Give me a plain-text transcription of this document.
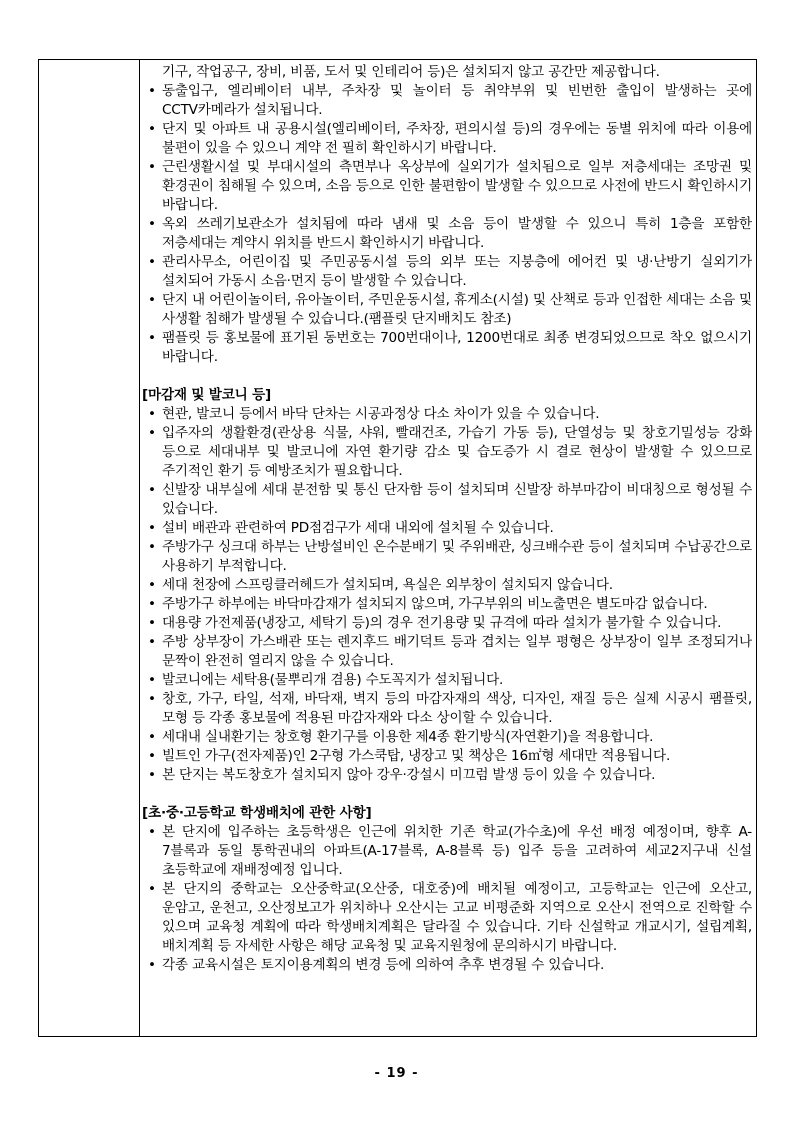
기구, 작업공구, 장비, 비품, 도서 및 인테리어 등)은 설치되지 않고 공간만 제공합니다.

• 동출입구, 엘리베이터 내부, 주차장 및 놀이터 등 취약부위 및 빈번한 출입이 발생하는 곳에 CCTV카메라가 설치됩니다.
• 단지 및 아파트 내 공용시설(엘리베이터, 주차장, 편의시설 등)의 경우에는 동별 위치에 따라 이용에 불편이 있을 수 있으니 계약 전 필히 확인하시기 바랍니다.
• 근린생활시설 및 부대시설의 측면부나 옥상부에 실외기가 설치됨으로 일부 저층세대는 조망권 및 환경권이 침해될 수 있으며, 소음 등으로 인한 불편함이 발생할 수 있으므로 사전에 반드시 확인하시기 바랍니다.
• 옥외 쓰레기보관소가 설치됨에 따라 냄새 및 소음 등이 발생할 수 있으니 특히 1층을 포함한 저층세대는 계약시 위치를 반드시 확인하시기 바랍니다.
• 관리사무소, 어린이집 및 주민공동시설 등의 외부 또는 지붕층에 에어컨 및 냉·난방기 실외기가 설치되어 가동시 소음·먼지 등이 발생할 수 있습니다.
• 단지 내 어린이놀이터, 유아놀이터, 주민운동시설, 휴게소(시설) 및 산책로 등과 인접한 세대는 소음 및 사생활 침해가 발생될 수 있습니다.(팸플릿 단지배치도 참조)
• 팸플릿 등 홍보물에 표기된 동번호는 700번대이나, 1200번대로 최종 변경되었으므로 착오 없으시기 바랍니다.

[마감재 및 발코니 등]

• 현관, 발코니 등에서 바닥 단차는 시공과정상 다소 차이가 있을 수 있습니다.
• 입주자의 생활환경(관상용 식물, 샤워, 빨래건조, 가습기 가동 등), 단열성능 및 창호기밀성능 강화 등으로 세대내부 및 발코니에 자연 환기량 감소 및 습도증가 시 결로 현상이 발생할 수 있으므로 주기적인 환기 등 예방조치가 필요합니다.
• 신발장 내부실에 세대 분전함 및 통신 단자함 등이 설치되며 신발장 하부마감이 비대칭으로 형성될 수 있습니다.
• 설비 배관과 관련하여 PD점검구가 세대 내외에 설치될 수 있습니다.
• 주방가구 싱크대 하부는 난방설비인 온수분배기 및 주위배관, 싱크배수관 등이 설치되며 수납공간으로 사용하기 부적합니다.
• 세대 천장에 스프링클러헤드가 설치되며, 욕실은 외부창이 설치되지 않습니다.
• 주방가구 하부에는 바닥마감재가 설치되지 않으며, 가구부위의 비노출면은 별도마감 없습니다.
• 대용량 가전제품(냉장고, 세탁기 등)의 경우 전기용량 및 규격에 따라 설치가 불가할 수 있습니다.
• 주방 상부장이 가스배관 또는 렌지후드 배기덕트 등과 겹치는 일부 평형은 상부장이 일부 조정되거나 문짝이 완전히 열리지 않을 수 있습니다.
• 발코니에는 세탁용(물뿌리개 겸용) 수도꼭지가 설치됩니다.
• 창호, 가구, 타일, 석재, 바닥재, 벽지 등의 마감자재의 색상, 디자인, 재질 등은 실제 시공시 팸플릿, 모형 등 각종 홍보물에 적용된 마감자재와 다소 상이할 수 있습니다.
• 세대내 실내환기는 창호형 환기구를 이용한 제4종 환기방식(자연환기)을 적용합니다.
• 빌트인 가구(전자제품)인 2구형 가스쿡탑, 냉장고 및 책상은 16㎡형 세대만 적용됩니다.
• 본 단지는 복도창호가 설치되지 않아 강우·강설시 미끄럼 발생 등이 있을 수 있습니다.

[초·중·고등학교 학생배치에 관한 사항]

• 본 단지에 입주하는 초등학생은 인근에 위치한 기존 학교(가수초)에 우선 배정 예정이며, 향후 A-7블록과 동일 통학권내의 아파트(A-17블록, A-8블록 등) 입주 등을 고려하여 세교2지구내 신설 초등학교에 재배정예정 입니다.
• 본 단지의 중학교는 오산중학교(오산중, 대호중)에 배치될 예정이고, 고등학교는 인근에 오산고, 운암고, 운천고, 오산정보고가 위치하나 오산시는 고교 비평준화 지역으로 오산시 전역으로 진학할 수 있으며 교육청 계획에 따라 학생배치계획은 달라질 수 있습니다. 기타 신설학교 개교시기, 설립계획, 배치계획 등 자세한 사항은 해당 교육청 및 교육지원청에 문의하시기 바랍니다.
• 각종 교육시설은 토지이용계획의 변경 등에 의하여 추후 변경될 수 있습니다.
- 19 -
